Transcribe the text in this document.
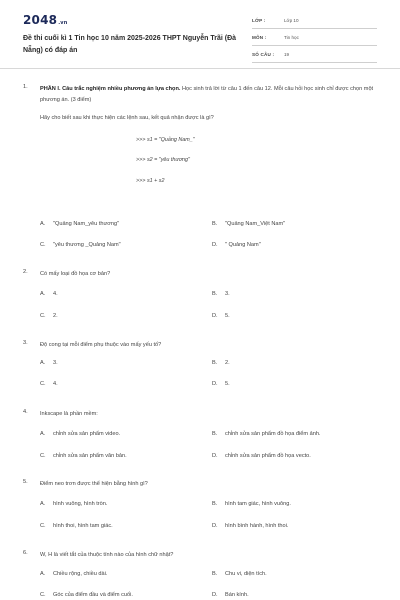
2048.vn
Đề thi cuối kì 1 Tin học 10 năm 2025-2026 THPT Nguyễn Trãi (Đà Nẵng) có đáp án
LỚP :	Lớp 10
MÔN :	Tin học
SỐ CÂU : 19
1. PHẦN I. Câu trắc nghiệm nhiều phương án lựa chọn. Học sinh trả lời từ câu 1 đến câu 12. Mỗi câu hỏi học sinh chỉ được chọn một phương án. (3 điểm)
Hãy cho biết sau khi thực hiện các lệnh sau, kết quả nhận được là gì?
>>> s1 = "Quảng Nam_"
>>> s2 = "yêu thương"
>>> s1 + s2
A. "Quảng Nam_yêu thương"	B. "Quảng Nam_Việt Nam"
C. "yêu thương _Quảng Nam"	D. " Quảng Nam"
2. Có mấy loại đồ họa cơ bản?
A. 4.	B. 3.
C. 2.	D. 5.
3. Độ cong tại mỗi điểm phụ thuộc vào mấy yếu tố?
A. 3.	B. 2.
C. 4.	D. 5.
4. Inkscape là phần mềm:
A. chỉnh sửa sản phẩm video.	B. chỉnh sửa sản phẩm đồ họa điểm ảnh.
C. chỉnh sửa sản phẩm văn bản.	D. chỉnh sửa sản phẩm đồ họa vecto.
5. Điểm neo trơn được thể hiện bằng hình gì?
A. hình vuông, hình tròn.	B. hình tam giác, hình vuông.
C. hình thoi, hình tam giác.	D. hình bình hành, hình thoi.
6. W, H là viết tắt của thuộc tính nào của hình chữ nhật?
A. Chiều rộng, chiều dài.	B. Chu vi, diện tích.
C. Góc của điểm đầu và điểm cuối.	D. Bán kính.
